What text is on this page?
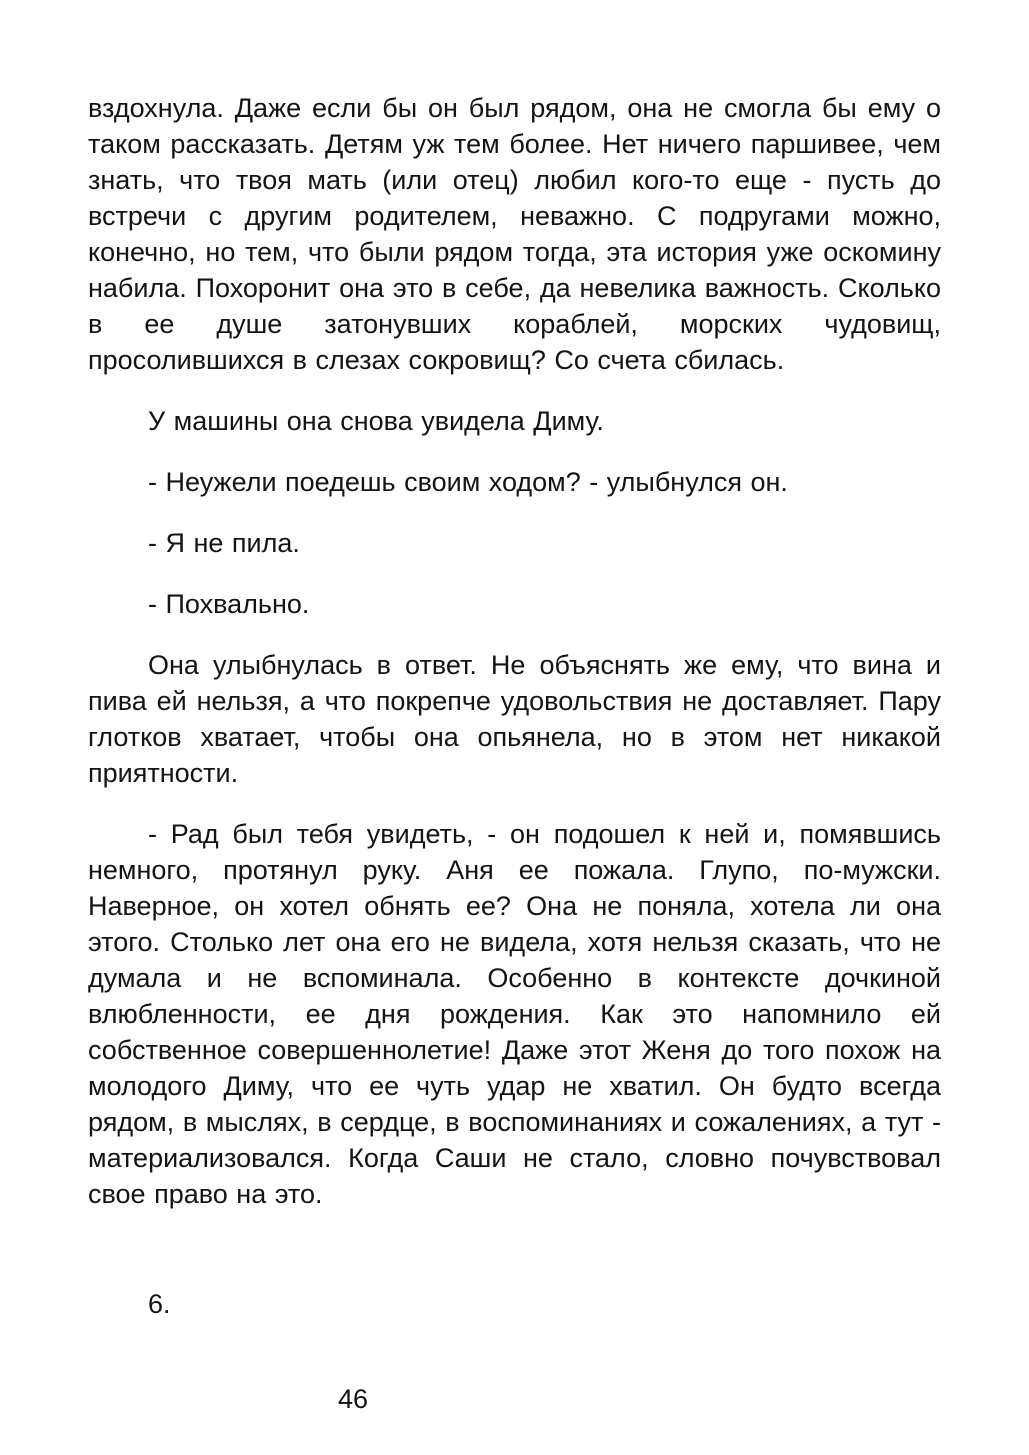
вздохнула. Даже если бы он был рядом, она не смогла бы ему о таком рассказать. Детям уж тем более. Нет ничего паршивее, чем знать, что твоя мать (или отец) любил кого-то еще - пусть до встречи с другим родителем, неважно. С подругами можно, конечно, но тем, что были рядом тогда, эта история уже оскомину набила. Похоронит она это в себе, да невелика важность. Сколько в ее душе затонувших кораблей, морских чудовищ, просолившихся в слезах сокровищ? Со счета сбилась.

У машины она снова увидела Диму.

- Неужели поедешь своим ходом? - улыбнулся он.

- Я не пила.

- Похвально.

Она улыбнулась в ответ. Не объяснять же ему, что вина и пива ей нельзя, а что покрепче удовольствия не доставляет. Пару глотков хватает, чтобы она опьянела, но в этом нет никакой приятности.

- Рад был тебя увидеть, - он подошел к ней и, помявшись немного, протянул руку. Аня ее пожала. Глупо, по-мужски. Наверное, он хотел обнять ее? Она не поняла, хотела ли она этого. Столько лет она его не видела, хотя нельзя сказать, что не думала и не вспоминала. Особенно в контексте дочкиной влюбленности, ее дня рождения. Как это напомнило ей собственное совершеннолетие! Даже этот Женя до того похож на молодого Диму, что ее чуть удар не хватил. Он будто всегда рядом, в мыслях, в сердце, в воспоминаниях и сожалениях, а тут - материализовался. Когда Саши не стало, словно почувствовал свое право на это.

6.
46
